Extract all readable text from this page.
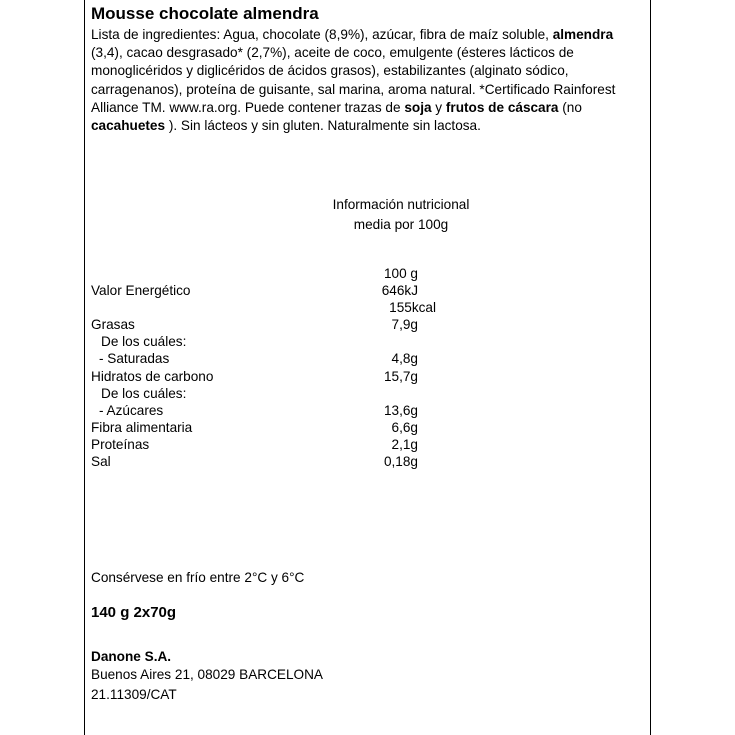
Mousse chocolate almendra
Lista de ingredientes: Agua, chocolate (8,9%), azúcar, fibra de maíz soluble, almendra (3,4), cacao desgrasado* (2,7%), aceite de coco, emulgente (ésteres lácticos de monoglicéridos y diglicéridos de ácidos grasos), estabilizantes (alginato sódico, carragenanos), proteína de guisante, sal marina, aroma natural. *Certificado Rainforest Alliance TM. www.ra.org. Puede contener trazas de soja y frutos de cáscara (no cacahuetes ). Sin lácteos y sin gluten. Naturalmente sin lactosa.
Información nutricional
media por 100g
100 g
Valor Energético	646kJ
155kcal
Grasas	7,9g
De los cuáles:
- Saturadas	4,8g
Hidratos de carbono	15,7g
De los cuáles:
- Azúcares	13,6g
Fibra alimentaria	6,6g
Proteínas	2,1g
Sal	0,18g
Consérvese en frío entre 2°C y 6°C
140 g 2x70g
Danone S.A.
Buenos Aires 21, 08029 BARCELONA
21.11309/CAT
